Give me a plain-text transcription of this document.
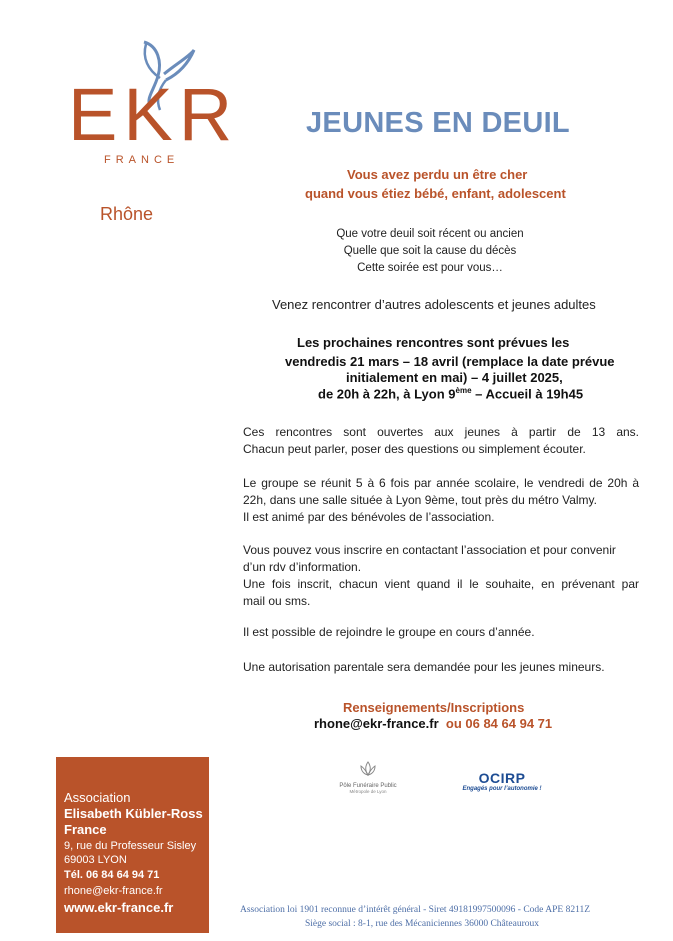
EKR
FRANCE
Rhône
JEUNES EN DEUIL
Vous avez perdu un être cher
quand vous étiez bébé, enfant, adolescent
Que votre deuil soit récent ou ancien
Quelle que soit la cause du décès
Cette soirée est pour vous…
Venez rencontrer d’autres adolescents et jeunes adultes
Les prochaines rencontres sont prévues les
vendredis 21 mars – 18 avril (remplace la date prévue
initialement en mai) – 4 juillet 2025,
de 20h à 22h, à Lyon 9ème – Accueil à 19h45
Ces rencontres sont ouvertes aux jeunes à partir de 13 ans.
Chacun peut parler, poser des questions ou simplement écouter.
Le groupe se réunit 5 à 6 fois par année scolaire, le vendredi de 20h à
22h, dans une salle située à Lyon 9ème, tout près du métro Valmy.
Il est animé par des bénévoles de l’association.
Vous pouvez vous inscrire en contactant l’association et pour convenir
d’un rdv d’information.
Une fois inscrit, chacun vient quand il le souhaite, en prévenant par
mail ou sms.
Il est possible de rejoindre le groupe en cours d’année.
Une autorisation parentale sera demandée pour les jeunes mineurs.
Renseignements/Inscriptions
rhone@ekr-france.fr ou 06 84 64 94 71
Pôle Funéraire Public
Métropole de Lyon
OCIRP
Engagés pour l’autonomie !
Association
Elisabeth Kübler-Ross
France
9, rue du Professeur Sisley
69003 LYON
Tél. 06 84 64 94 71
rhone@ekr-france.fr
www.ekr-france.fr	Association loi 1901 reconnue d’intérêt général - Siret 49181997500096 - Code APE 8211Z
Siège social : 8-1, rue des Mécaniciennes 36000 Châteauroux
